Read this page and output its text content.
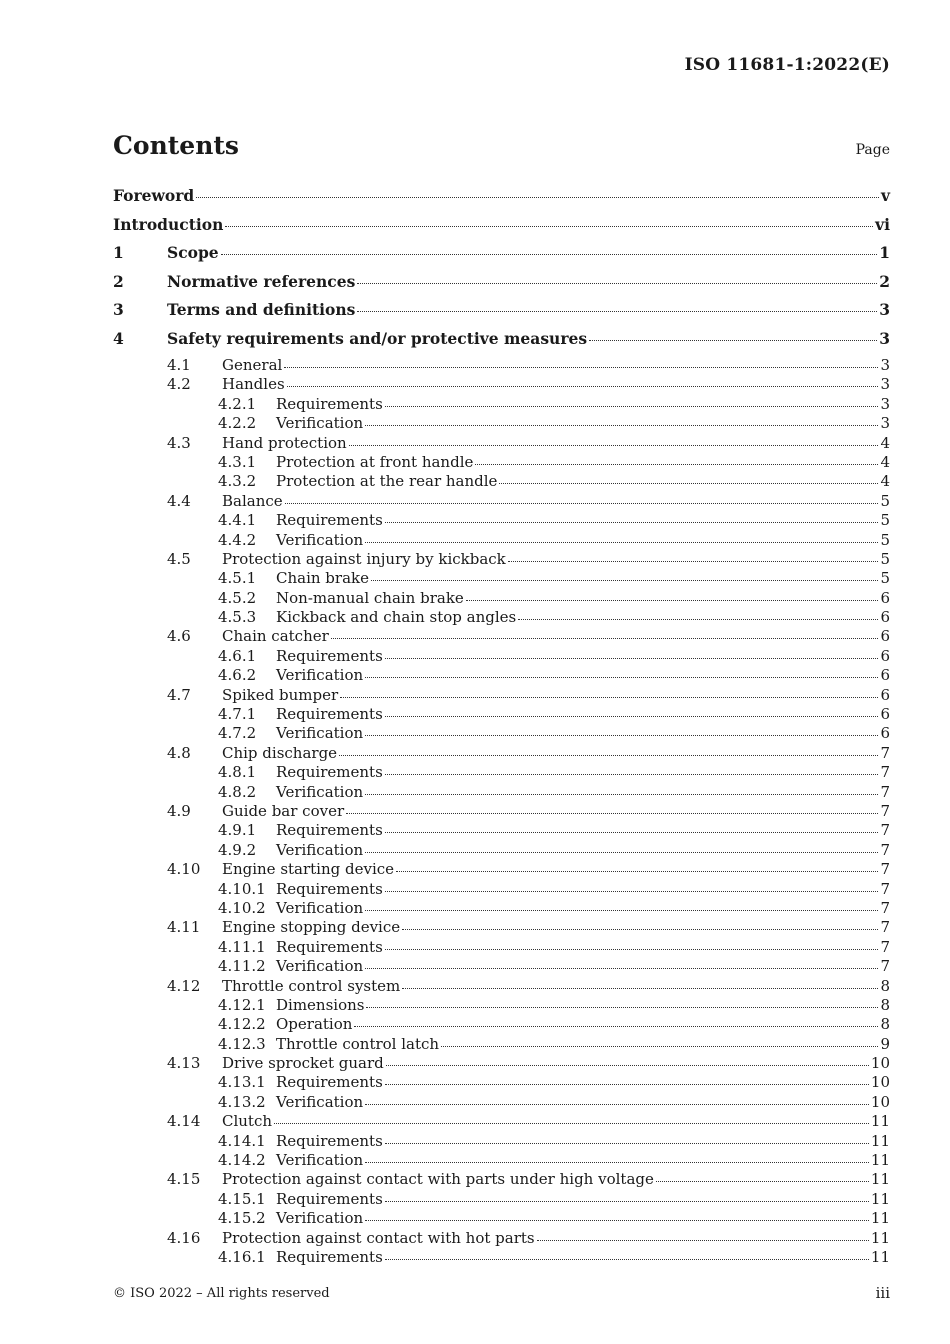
ISO 11681-1:2022(E)
Contents	Page
Foreword	v
Introduction	vi
1	Scope	1
2	Normative references	2
3	Terms and definitions	3
4	Safety requirements and/or protective measures	3
4.1	General	3
4.2	Handles	3
4.2.1	Requirements	3
4.2.2	Verification	3
4.3	Hand protection	4
4.3.1	Protection at front handle	4
4.3.2	Protection at the rear handle	4
4.4	Balance	5
4.4.1	Requirements	5
4.4.2	Verification	5
4.5	Protection against injury by kickback	5
4.5.1	Chain brake	5
4.5.2	Non-manual chain brake	6
4.5.3	Kickback and chain stop angles	6
4.6	Chain catcher	6
4.6.1	Requirements	6
4.6.2	Verification	6
4.7	Spiked bumper	6
4.7.1	Requirements	6
4.7.2	Verification	6
4.8	Chip discharge	7
4.8.1	Requirements	7
4.8.2	Verification	7
4.9	Guide bar cover	7
4.9.1	Requirements	7
4.9.2	Verification	7
4.10	Engine starting device	7
4.10.1 Requirements	7
4.10.2 Verification	7
4.11	Engine stopping device	7
4.11.1 Requirements	7
4.11.2 Verification	7
4.12	Throttle control system	8
4.12.1 Dimensions	8
4.12.2 Operation	8
4.12.3 Throttle control latch	9
4.13	Drive sprocket guard	10
4.13.1 Requirements	10
4.13.2 Verification	10
4.14	Clutch	11
4.14.1 Requirements	11
4.14.2 Verification	11
4.15	Protection against contact with parts under high voltage	11
4.15.1 Requirements	11
4.15.2 Verification	11
4.16	Protection against contact with hot parts	11
4.16.1 Requirements	11
© ISO 2022 – All rights reserved	iii
